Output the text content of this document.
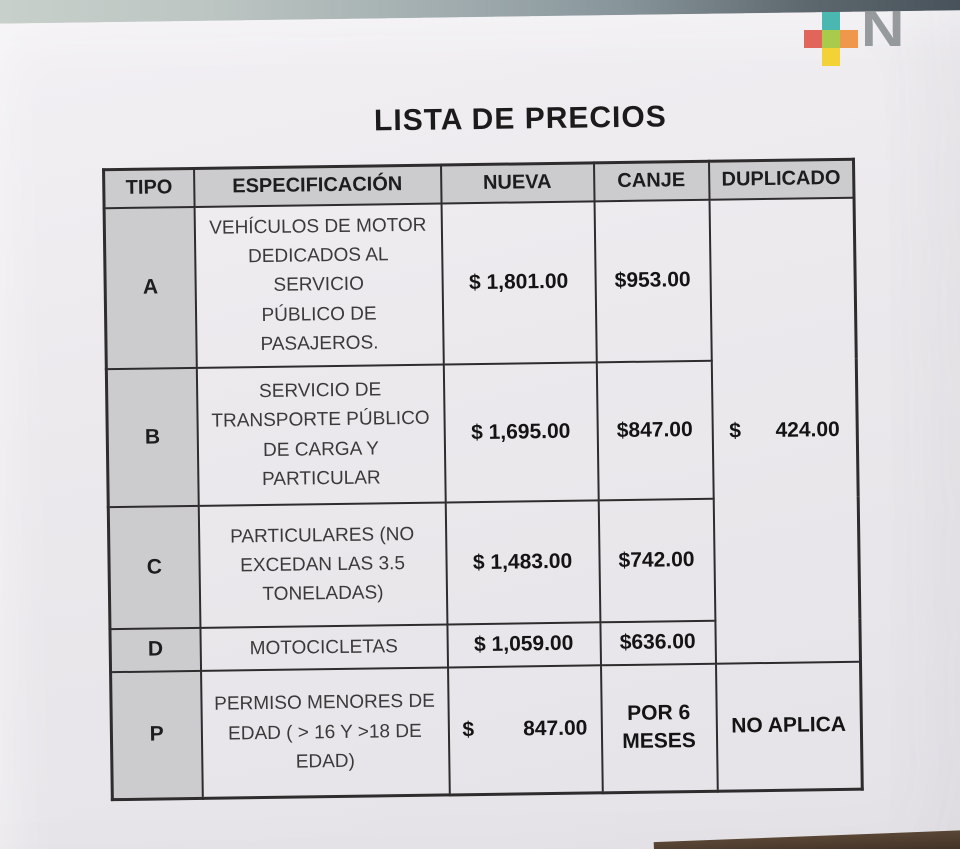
LISTA DE PRECIOS
TIPO	ESPECIFICACIÓN	NUEVA	CANJE	DUPLICADO
A	VEHÍCULOS DE MOTOR
DEDICADOS AL SERVICIO
PÚBLICO DE PASAJEROS.	$ 1,801.00	$953.00	$ 424.00

B	SERVICIO DE
TRANSPORTE PÚBLICO
DE CARGA Y PARTICULAR	$ 1,695.00	$847.00	
C	PARTICULARES (NO
EXCEDAN LAS 3.5
TONELADAS)	$ 1,483.00	$742.00	
D	MOTOCICLETAS	$ 1,059.00	$636.00	
P	PERMISO MENORES DE
EDAD ( > 16 Y >18 DE
EDAD)	$ 847.00	POR 6
MESES	NO APLICA
N
